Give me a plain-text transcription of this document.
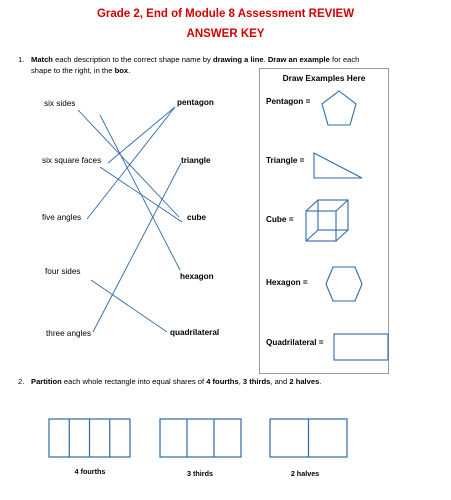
Grade 2, End of Module 8 Assessment REVIEW
ANSWER KEY
1. Match each description to the correct shape name by drawing a line. Draw an example for each
shape to the right, in the box.
six sides
six square faces
five angles
four sides
three angles
pentagon
triangle
cube
hexagon
quadrilateral
Draw Examples Here
Pentagon =
Triangle =
Cube =
Hexagon =
Quadrilateral =
2. Partition each whole rectangle into equal shares of 4 fourths, 3 thirds, and 2 halves.
4 fourths	3 thirds	2 halves
